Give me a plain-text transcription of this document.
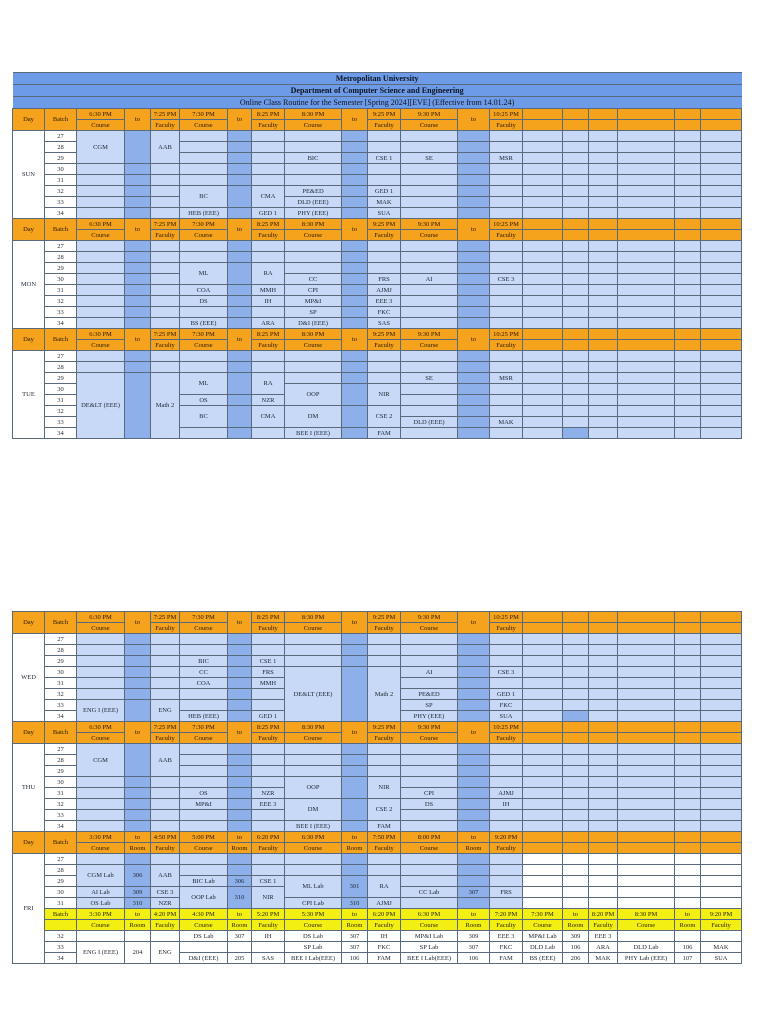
Metropolitan University																				
Department of Computer Science and Engineering																				
Online Class Routine for the Semester [Spring 2024][EVE] (Effective from 14.01.24)																				
Day	Batch	6:30 PM	to	7:25 PM	7:30 PM	to	8:25 PM	8:30 PM	to	9:25 PM	9:30 PM	to	10:25 PM							
		Course		Faculty	Course		Faculty	Course		Faculty	Course		Faculty							
SUN	27	CGM		AAB																
	28																			
	29							BIC		CSE 1	SE		MSR							
	30																			
	31																			
	32				BC		CMA	PE&ED		GED 1										
	33							DLD (EEE)		MAK										
	34				HEB (EEE)		GED 1	PHY (EEE)		SUA										
Day	Batch	6:30 PM	to	7:25 PM	7:30 PM	to	8:25 PM	8:30 PM	to	9:25 PM	9:30 PM	to	10:25 PM							
		Course		Faculty	Course		Faculty	Course		Faculty	Course		Faculty							
MON	27																			
	28																			
	29				ML		RA													
	30							CC		FRS	AI		CSE 3							
	31				COA		MMH	CPI		AJMJ										
	32				DS		IH	MP&I		EEE 3										
	33							SP		FKC										
	34				BS (EEE)		ARA	D&I (EEE)		SAS										
Day	Batch	6:30 PM	to	7:25 PM	7:30 PM	to	8:25 PM	8:30 PM	to	9:25 PM	9:30 PM	to	10:25 PM							
		Course		Faculty	Course		Faculty	Course		Faculty	Course		Faculty							
TUE	27																			
	28																			
	29	DE&LT (EEE)		Math 2	ML		RA				SE		MSR							
	30							OOP		NIR										
	31				OS		NZR													
	32				BC		CMA	DM		CSE 2										
	33										DLD (EEE)		MAK							
	34							BEE I (EEE)		FAM												
Day	Batch	6:30 PM	to	7:25 PM	7:30 PM	to	8:25 PM	8:30 PM	to	9:25 PM	9:30 PM	to	10:25 PM							
		Course		Faculty	Course		Faculty	Course		Faculty	Course		Faculty							
WED	27																			
	28																			
	29				BIC		CSE 1													
	30				CC		FRS	DE&LT (EEE)		Math 2	AI		CSE 3							
	31				COA		MMH													
	32										PE&ED		GED 1							
	33	ENG I (EEE)		ENG							SP		FKC							
	34				HEB (EEE)		GED 1				PHY (EEE)		SUA									
Day	Batch	6:30 PM	to	7:25 PM	7:30 PM	to	8:25 PM	8:30 PM	to	9:25 PM	9:30 PM	to	10:25 PM							
		Course		Faculty	Course		Faculty	Course		Faculty	Course		Faculty							
THU	27	CGM		AAB																
	28																			
	29																			
	30							OOP		NIR										
	31				OS		NZR				CPI		AJMJ							
	32				MP&I		EEE 3	DM		CSE 2	DS		IH							
	33																			
	34							BEE I (EEE)		FAM										
Day	Batch	3:30 PM	to	4:50 PM	5:00 PM	to	6:20 PM	6:30 PM	to	7:50 PM	8:00 PM	to	9:20 PM							
		Course	Room	Faculty	Course	Room	Faculty	Course	Room	Faculty	Course	Room	Faculty							
FRI	27																			
	28	CGM Lab	306	AAB																
	29				BIC Lab	306	CSE 1	ML Lab	301	RA										
	30	AI Lab	309	CSE 3	OOP Lab	310	NIR				CC Lab	307	FRS							
	31	OS Lab	310	NZR				CPI Lab	310	AJMJ										
	Batch	3:30 PM	to	4:20 PM	4:30 PM	to	5:20 PM	5:30 PM	to	6:20 PM	6:30 PM	to	7:20 PM	7:30 PM	to	8:20 PM	8:30 PM	to	9:20 PM	
		Course	Room	Faculty	Course	Room	Faculty	Course	Room	Faculty	Course	Room	Faculty	Course	Room	Faculty	Course	Room	Faculty	
	32				DS Lab	307	IH	DS Lab	307	IH	MP&I Lab	309	EEE 3	MP&I Lab	309	EEE 3				
	33	ENG I (EEE)	204	ENG				SP Lab	307	FKC	SP Lab	307	FKC	DLD Lab	106	ARA	DLD Lab	106	MAK	
	34				D&I (EEE)	205	SAS	BEE I Lab(EEE)	106	FAM	BEE I Lab(EEE)	106	FAM	BS (EEE)	206	MAK	PHY Lab (EEE)	107	SUA	
